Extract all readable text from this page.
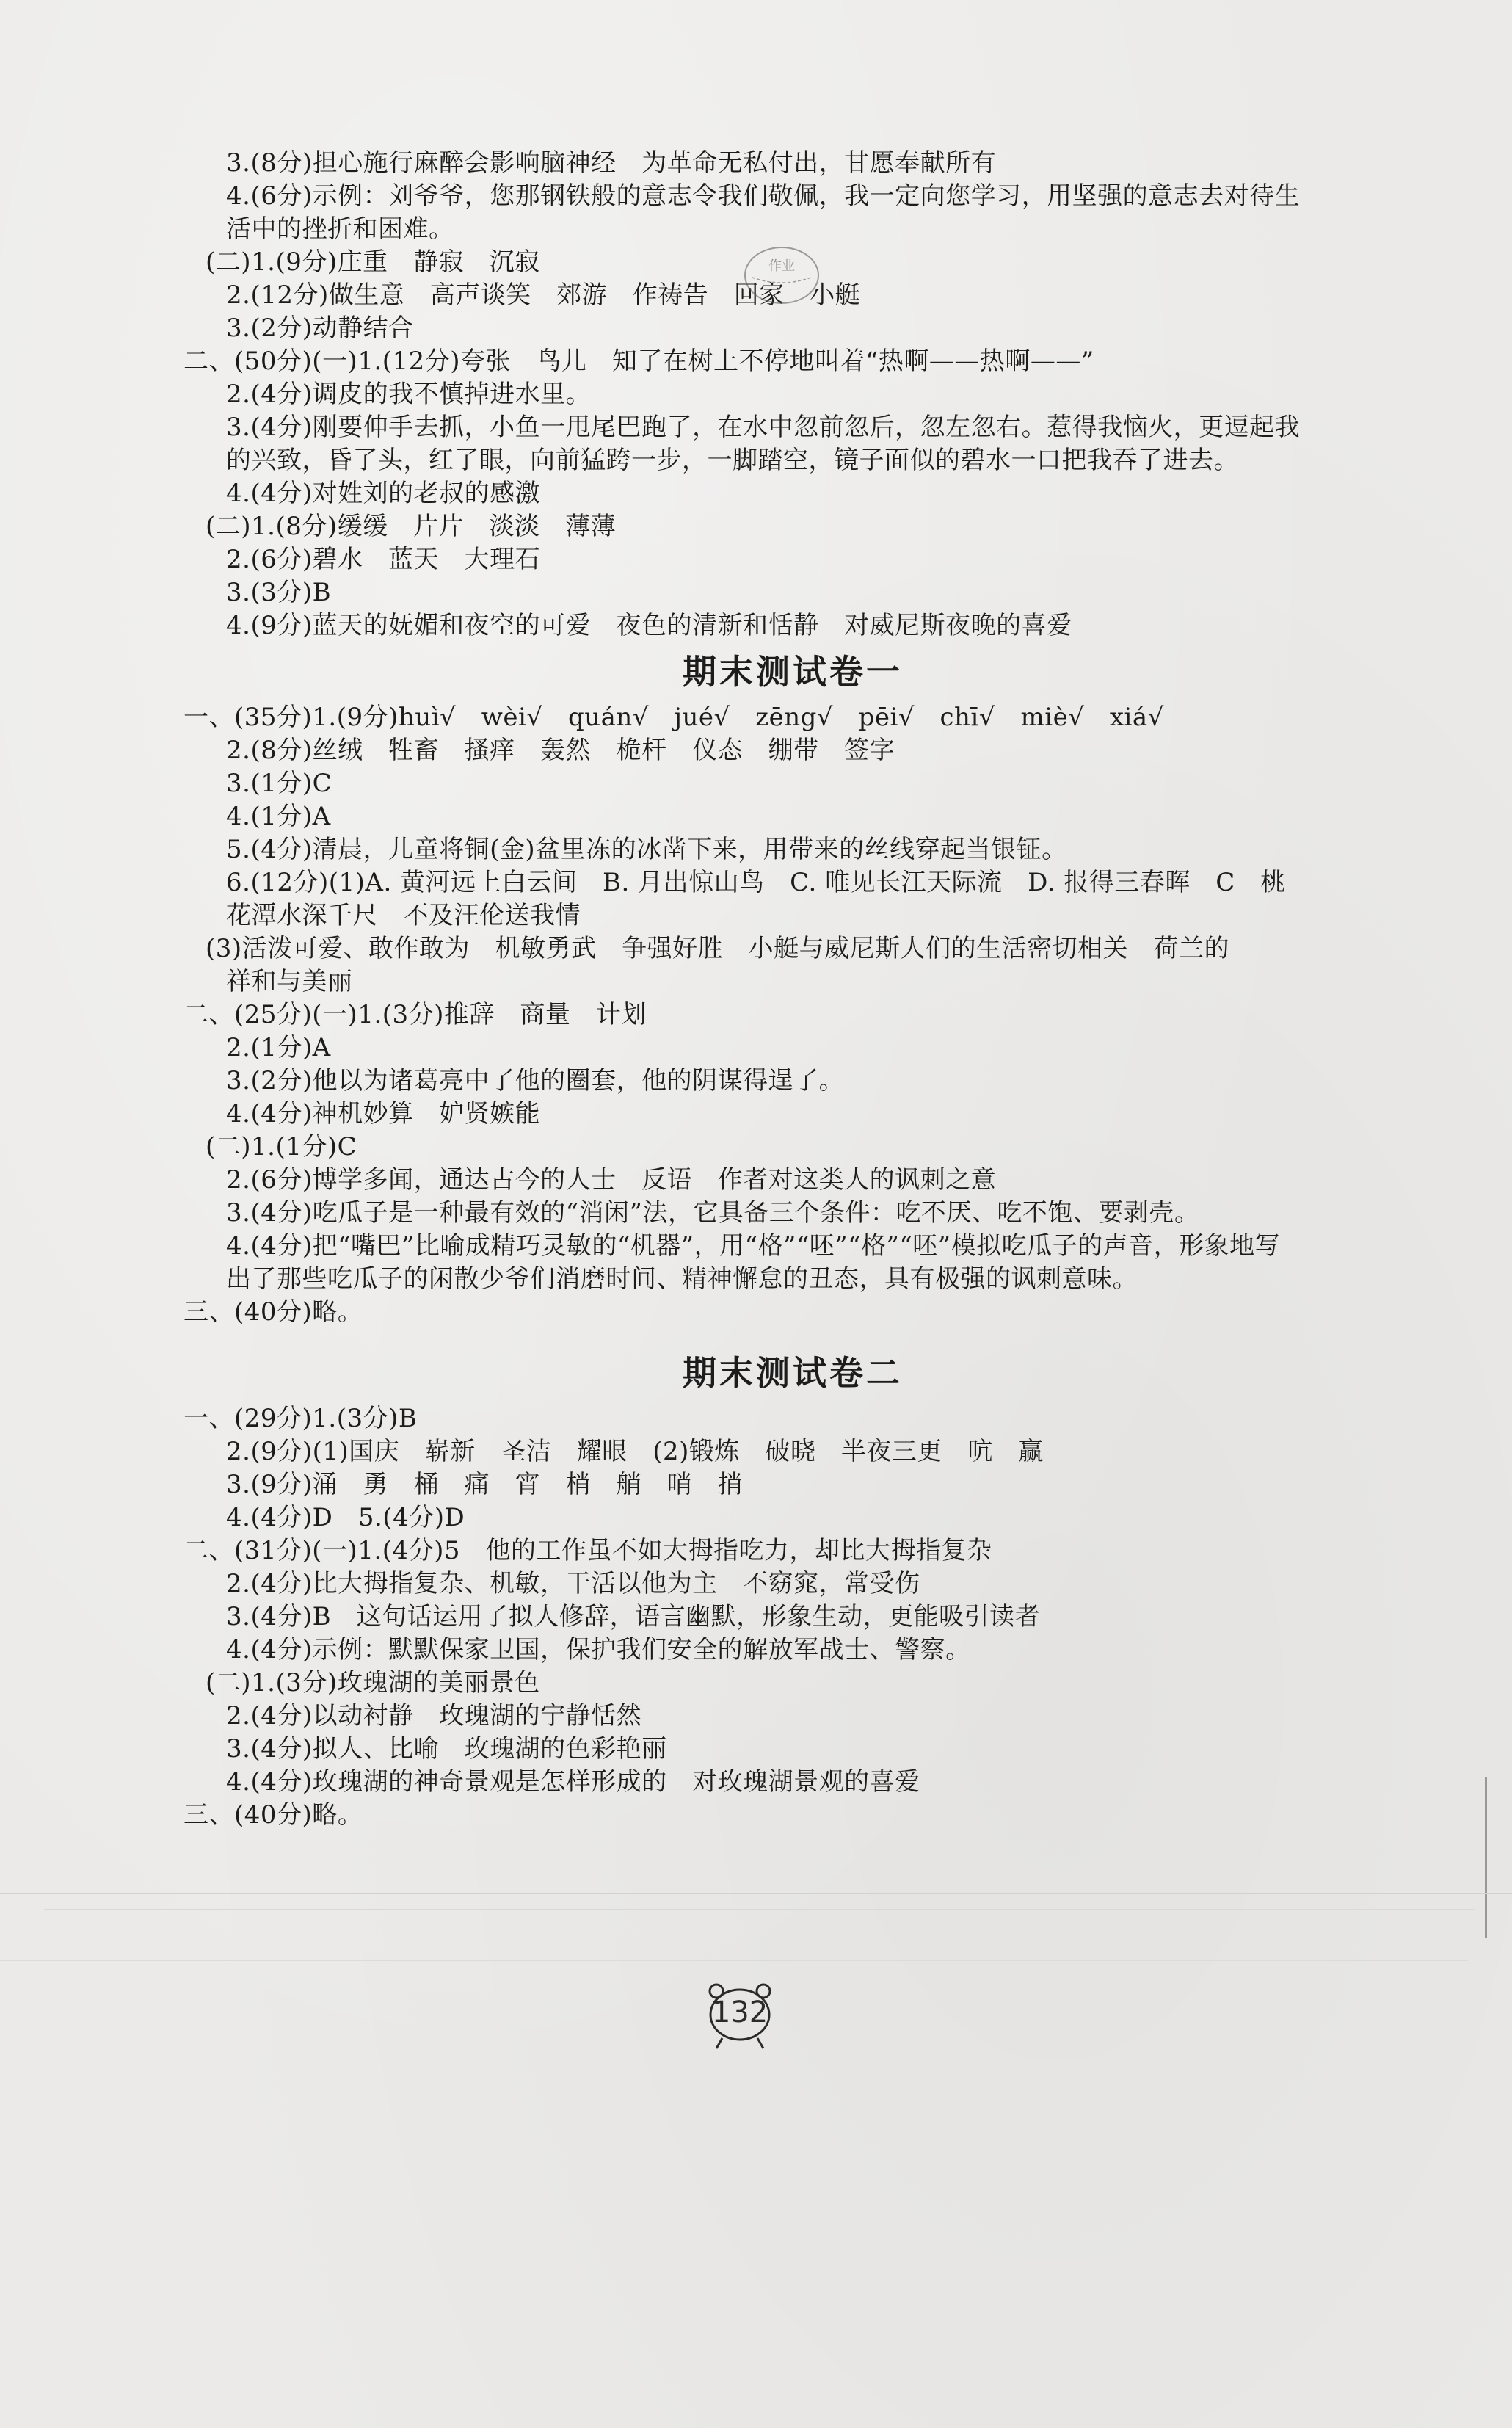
3.(8分)担心施行麻醉会影响脑神经　为革命无私付出，甘愿奉献所有
4.(6分)示例：刘爷爷，您那钢铁般的意志令我们敬佩，我一定向您学习，用坚强的意志去对待生
活中的挫折和困难。
(二)1.(9分)庄重　静寂　沉寂
2.(12分)做生意　高声谈笑　郊游　作祷告　回家　小艇
3.(2分)动静结合
二、(50分)(一)1.(12分)夸张　鸟儿　知了在树上不停地叫着“热啊——热啊——”
2.(4分)调皮的我不慎掉进水里。
3.(4分)刚要伸手去抓，小鱼一甩尾巴跑了，在水中忽前忽后，忽左忽右。惹得我恼火，更逗起我
的兴致，昏了头，红了眼，向前猛跨一步，一脚踏空，镜子面似的碧水一口把我吞了进去。
4.(4分)对姓刘的老叔的感激
(二)1.(8分)缓缓　片片　淡淡　薄薄
2.(6分)碧水　蓝天　大理石
3.(3分)B
4.(9分)蓝天的妩媚和夜空的可爱　夜色的清新和恬静　对威尼斯夜晚的喜爱
期末测试卷一
一、(35分)1.(9分)huì√　wèi√　quán√　jué√　zēng√　pēi√　chī√　miè√　xiá√
2.(8分)丝绒　牲畜　搔痒　轰然　桅杆　仪态　绷带　签字
3.(1分)C
4.(1分)A
5.(4分)清晨，儿童将铜(金)盆里冻的冰凿下来，用带来的丝线穿起当银钲。
6.(12分)(1)A. 黄河远上白云间　B. 月出惊山鸟　C. 唯见长江天际流　D. 报得三春晖　C　桃
花潭水深千尺　不及汪伦送我情
(3)活泼可爱、敢作敢为　机敏勇武　争强好胜　小艇与威尼斯人们的生活密切相关　荷兰的
祥和与美丽
二、(25分)(一)1.(3分)推辞　商量　计划
2.(1分)A
3.(2分)他以为诸葛亮中了他的圈套，他的阴谋得逞了。
4.(4分)神机妙算　妒贤嫉能
(二)1.(1分)C
2.(6分)博学多闻，通达古今的人士　反语　作者对这类人的讽刺之意
3.(4分)吃瓜子是一种最有效的“消闲”法，它具备三个条件：吃不厌、吃不饱、要剥壳。
4.(4分)把“嘴巴”比喻成精巧灵敏的“机器”，用“格”“呸”“格”“呸”模拟吃瓜子的声音，形象地写
出了那些吃瓜子的闲散少爷们消磨时间、精神懈怠的丑态，具有极强的讽刺意味。
三、(40分)略。
期末测试卷二
一、(29分)1.(3分)B
2.(9分)(1)国庆　崭新　圣洁　耀眼　(2)锻炼　破晓　半夜三更　吭　赢
3.(9分)涌　勇　桶　痛　宵　梢　艄　哨　捎
4.(4分)D　5.(4分)D
二、(31分)(一)1.(4分)5　他的工作虽不如大拇指吃力，却比大拇指复杂
2.(4分)比大拇指复杂、机敏，干活以他为主　不窈窕，常受伤
3.(4分)B　这句话运用了拟人修辞，语言幽默，形象生动，更能吸引读者
4.(4分)示例：默默保家卫国，保护我们安全的解放军战士、警察。
(二)1.(3分)玫瑰湖的美丽景色
2.(4分)以动衬静　玫瑰湖的宁静恬然
3.(4分)拟人、比喻　玫瑰湖的色彩艳丽
4.(4分)玫瑰湖的神奇景观是怎样形成的　对玫瑰湖景观的喜爱
三、(40分)略。
作业
132
